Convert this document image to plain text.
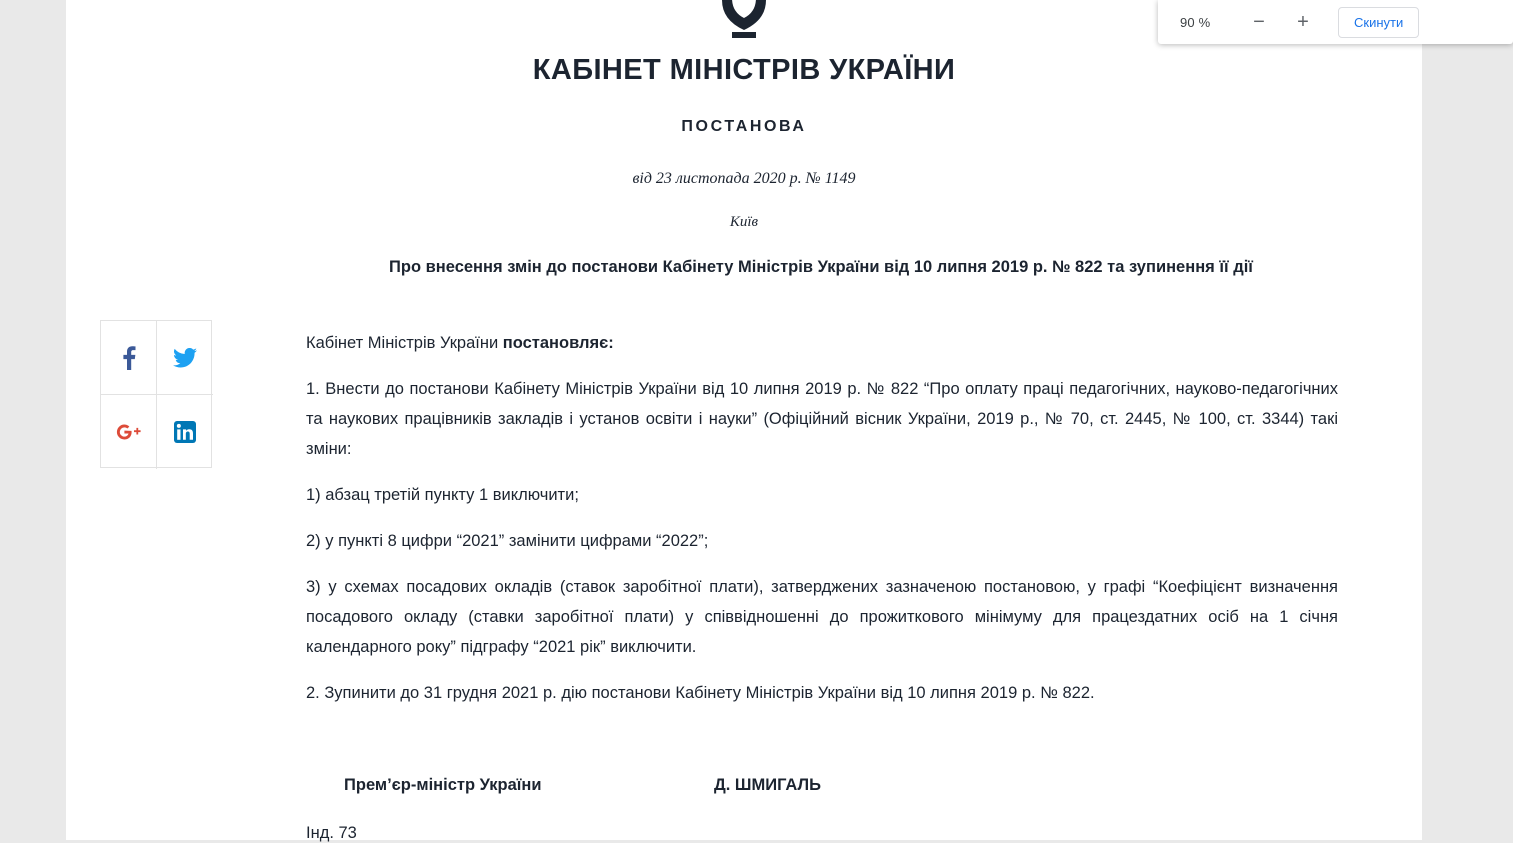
КАБІНЕТ МІНІСТРІВ УКРАЇНИ
ПОСТАНОВА
від 23 листопада 2020 р. № 1149
Київ
Про внесення змін до постанови Кабінету Міністрів України від 10 липня 2019 р. № 822 та зупинення її дії

Кабінет Міністрів України постановляє:

1. Внести до постанови Кабінету Міністрів України від 10 липня 2019 р. № 822 “Про оплату праці педагогічних, науково-педагогічних та наукових працівників закладів і установ освіти і науки” (Офіційний вісник України, 2019 р., № 70, ст. 2445, № 100, ст. 3344) такі зміни:

1) абзац третій пункту 1 виключити;

2) у пункті 8 цифри “2021” замінити цифрами “2022”;

3) у схемах посадових окладів (ставок заробітної плати), затверджених зазначеною постановою, у графі “Коефіцієнт визначення посадового окладу (ставки заробітної плати) у співвідношенні до прожиткового мінімуму для працездатних осіб на 1 січня календарного року” підграфу “2021 рік” виключити.

2. Зупинити до 31 грудня 2021 р. дію постанови Кабінету Міністрів України від 10 липня 2019 р. № 822.

Прем’єр-міністр України	Д. ШМИГАЛЬ
Інд. 73
90 %	−	+	Скинути
